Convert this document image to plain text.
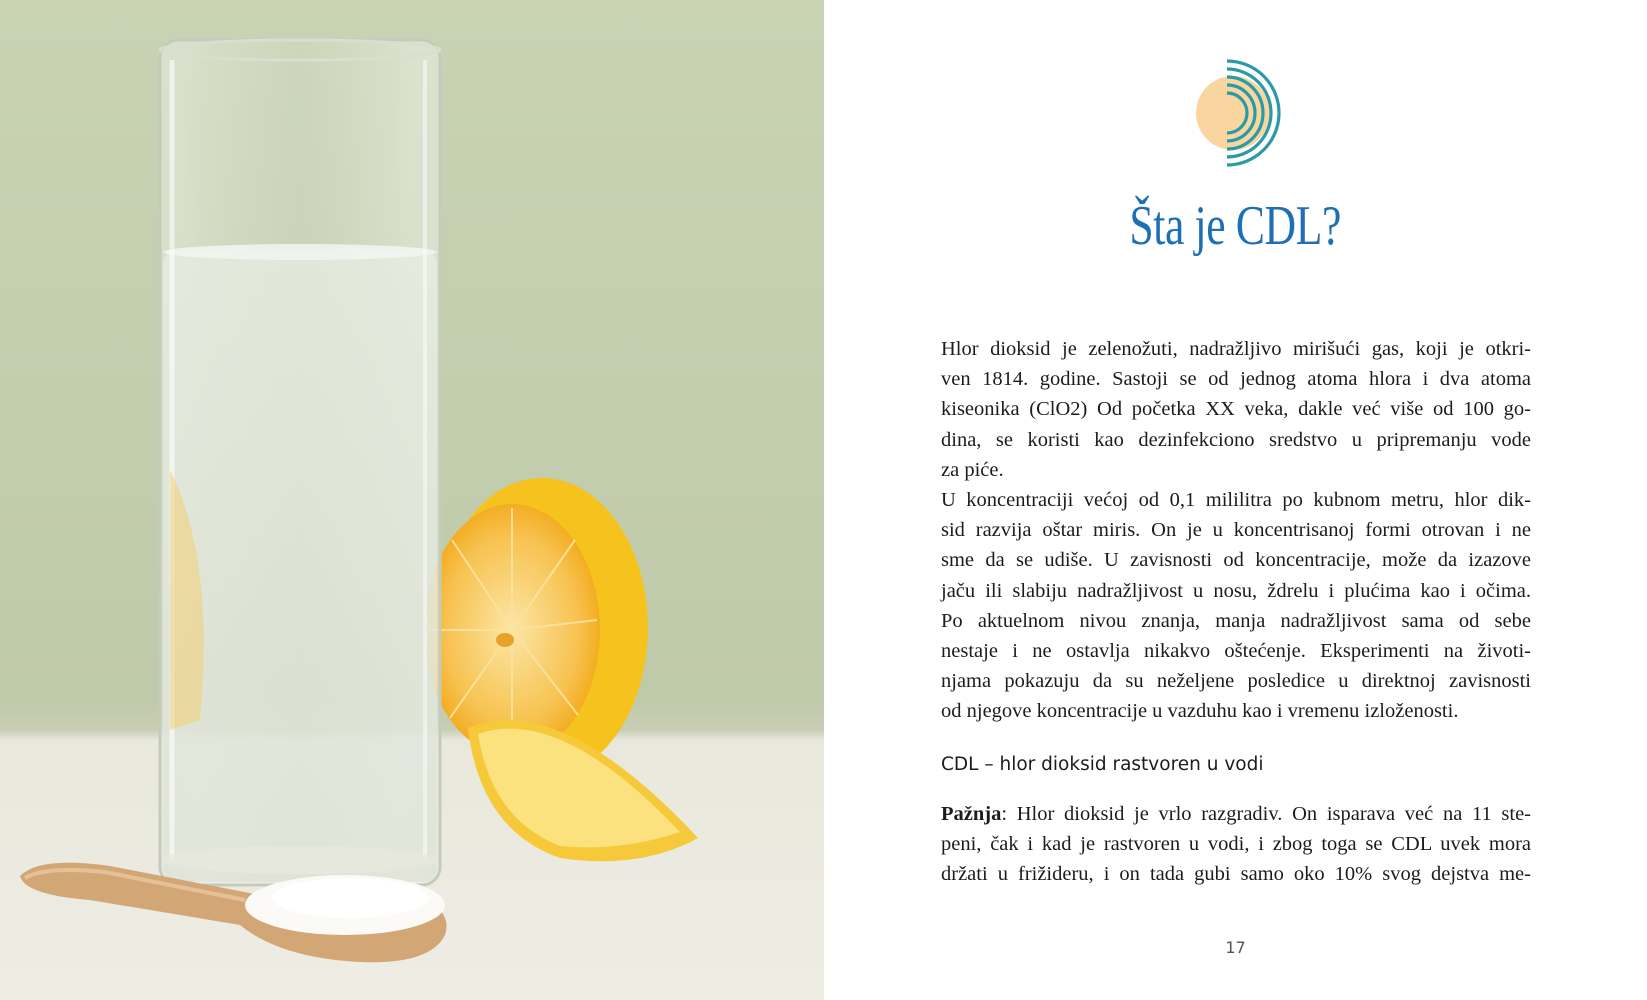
Šta je CDL?
Hlor dioksid je zelenožuti, nadražljivo mirišući gas, koji je otkri-
ven 1814. godine. Sastoji se od jednog atoma hlora i dva atoma
kiseonika (ClO2) Od početka XX veka, dakle već više od 100 go-
dina, se koristi kao dezinfekciono sredstvo u pripremanju vode
za piće.
U koncentraciji većoj od 0,1 mililitra po kubnom metru, hlor dik-
sid razvija oštar miris. On je u koncentrisanoj formi otrovan i ne
sme da se udiše. U zavisnosti od koncentracije, može da izazove
jaču ili slabiju nadražljivost u nosu, ždrelu i plućima kao i očima.
Po aktuelnom nivou znanja, manja nadražljivost sama od sebe
nestaje i ne ostavlja nikakvo oštećenje. Eksperimenti na životi-
njama pokazuju da su neželjene posledice u direktnoj zavisnosti
od njegove koncentracije u vazduhu kao i vremenu izloženosti.
CDL – hlor dioksid rastvoren u vodi
Pažnja: Hlor dioksid je vrlo razgradiv. On isparava već na 11 ste-
peni, čak i kad je rastvoren u vodi, i zbog toga se CDL uvek mora
držati u frižideru, i on tada gubi samo oko 10% svog dejstva me-
17
